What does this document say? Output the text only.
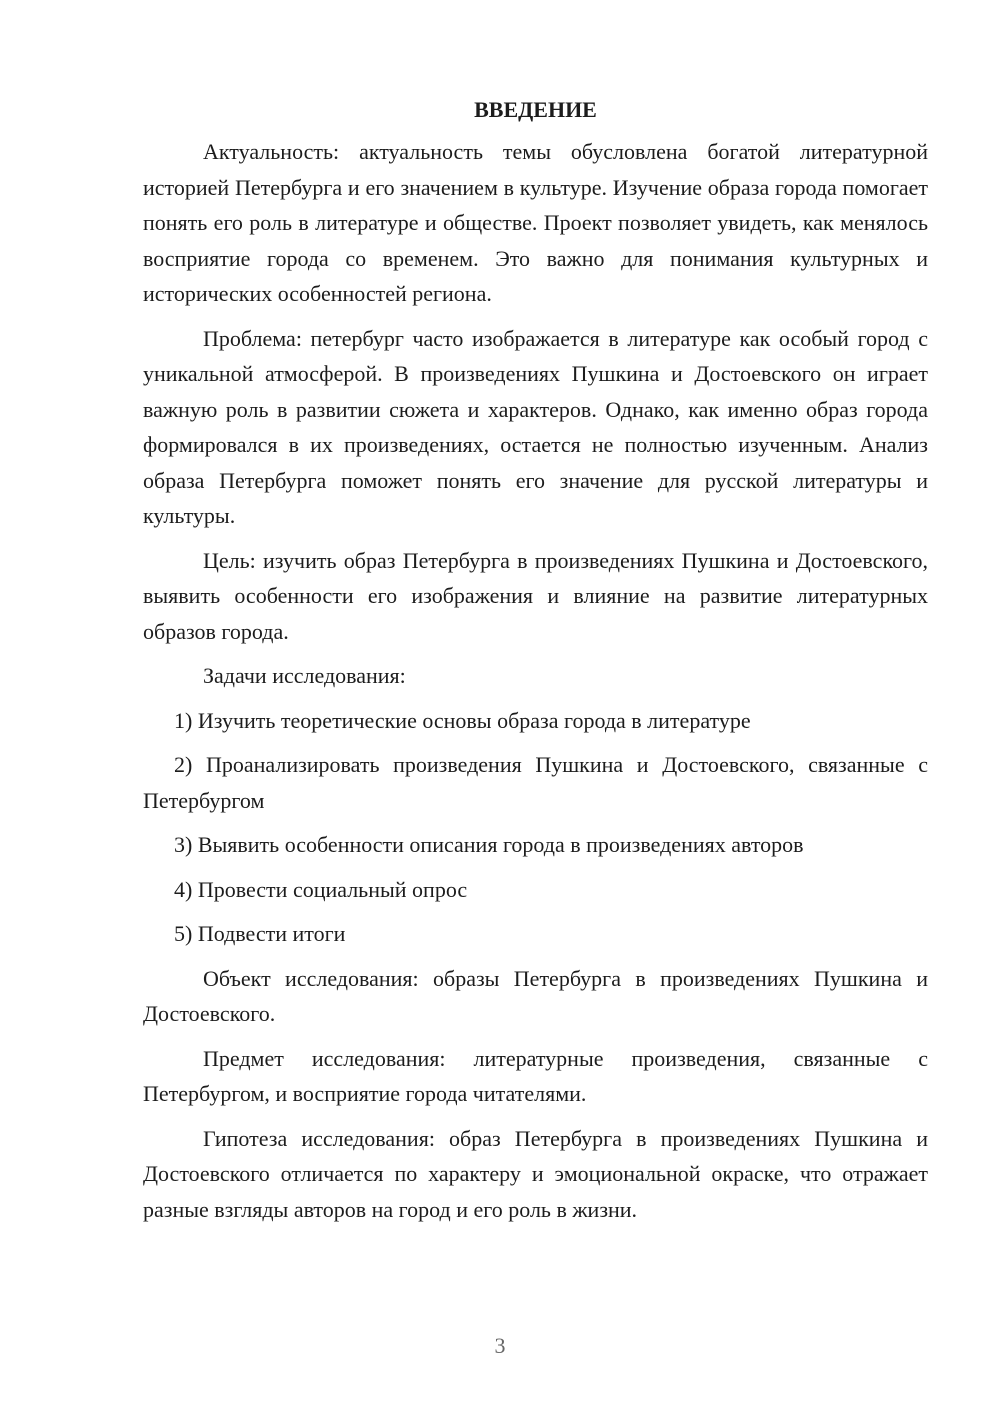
ВВЕДЕНИЕ

Актуальность: актуальность темы обусловлена богатой литературной историей Петербурга и его значением в культуре. Изучение образа города помогает понять его роль в литературе и обществе. Проект позволяет увидеть, как менялось восприятие города со временем. Это важно для понимания культурных и исторических особенностей региона.

Проблема: петербург часто изображается в литературе как особый город с уникальной атмосферой. В произведениях Пушкина и Достоевского он играет важную роль в развитии сюжета и характеров. Однако, как именно образ города формировался в их произведениях, остается не полностью изученным. Анализ образа Петербурга поможет понять его значение для русской литературы и культуры.

Цель: изучить образ Петербурга в произведениях Пушкина и Достоевского, выявить особенности его изображения и влияние на развитие литературных образов города.

Задачи исследования:

1) Изучить теоретические основы образа города в литературе

2) Проанализировать произведения Пушкина и Достоевского, связанные с Петербургом

3) Выявить особенности описания города в произведениях авторов

4) Провести социальный опрос

5) Подвести итоги

Объект исследования: образы Петербурга в произведениях Пушкина и Достоевского.

Предмет исследования: литературные произведения, связанные с Петербургом, и восприятие города читателями.

Гипотеза исследования: образ Петербурга в произведениях Пушкина и Достоевского отличается по характеру и эмоциональной окраске, что отражает разные взгляды авторов на город и его роль в жизни.

3
